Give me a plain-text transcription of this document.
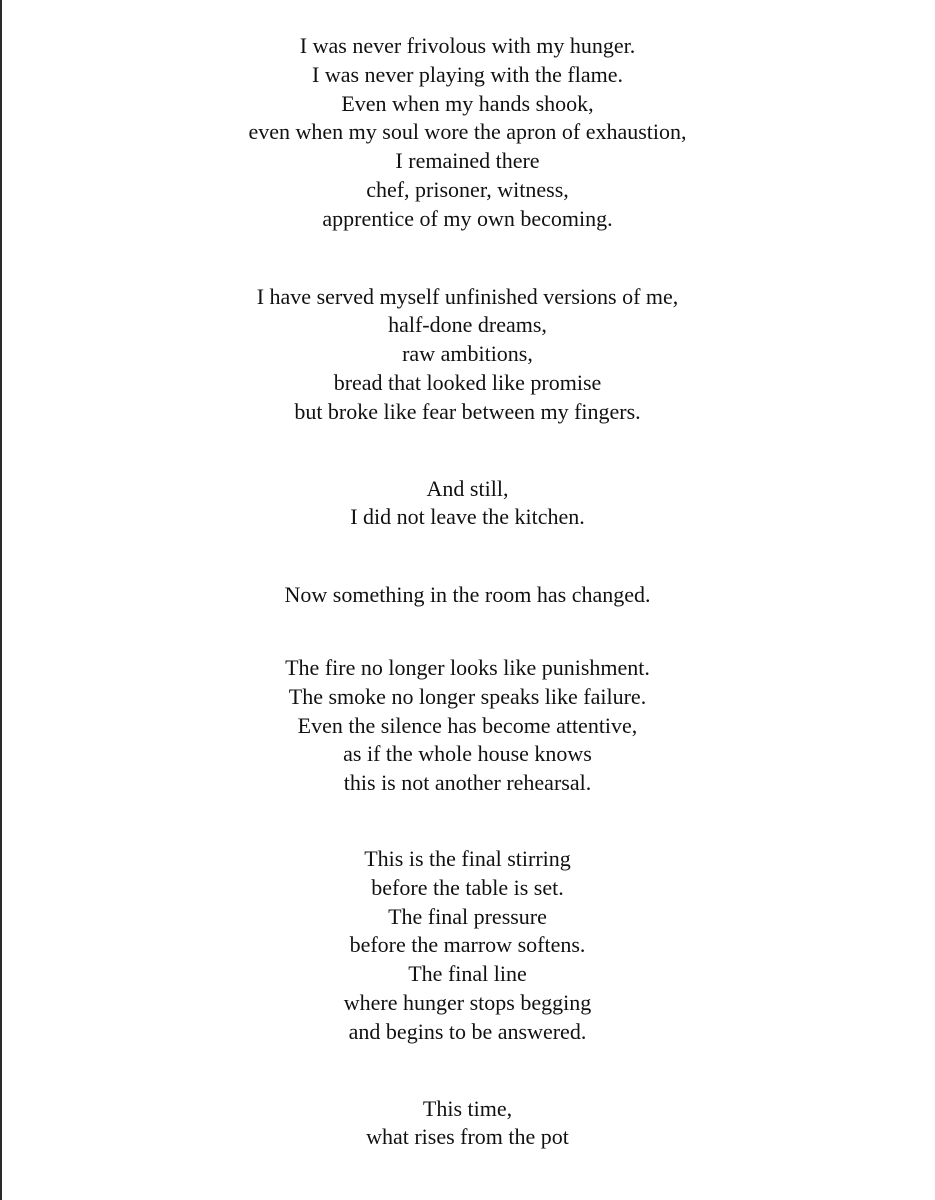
I was never frivolous with my hunger.
I was never playing with the flame.
Even when my hands shook,
even when my soul wore the apron of exhaustion,
I remained there
chef, prisoner, witness,
apprentice of my own becoming.
I have served myself unfinished versions of me,
half-done dreams,
raw ambitions,
bread that looked like promise
but broke like fear between my fingers.
And still,
I did not leave the kitchen.
Now something in the room has changed.
The fire no longer looks like punishment.
The smoke no longer speaks like failure.
Even the silence has become attentive,
as if the whole house knows
this is not another rehearsal.
This is the final stirring
before the table is set.
The final pressure
before the marrow softens.
The final line
where hunger stops begging
and begins to be answered.
This time,
what rises from the pot
